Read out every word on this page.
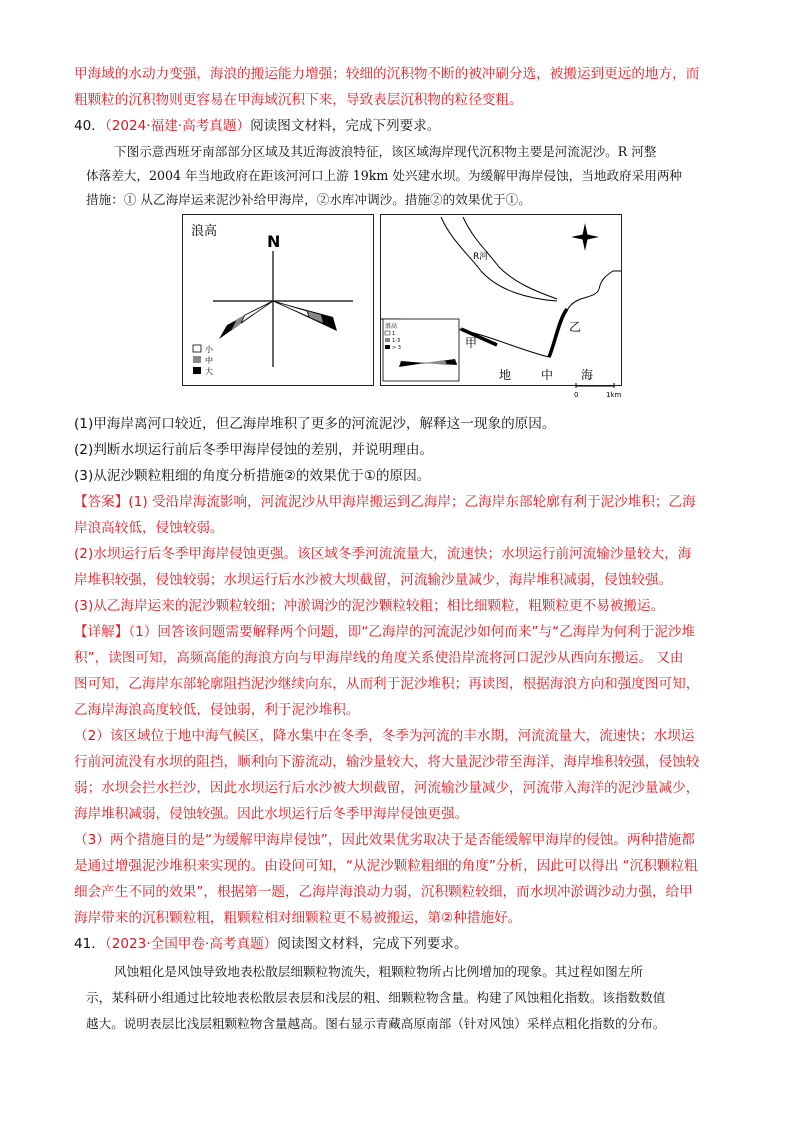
甲海域的水动力变强，海浪的搬运能力增强；较细的沉积物不断的被冲刷分选，被搬运到更远的地方，而
粗颗粒的沉积物则更容易在甲海域沉积下来，导致表层沉积物的粒径变粗。
40．（2024·福建·高考真题）阅读图文材料，完成下列要求。
下图示意西班牙南部部分区域及其近海波浪特征，该区域海岸现代沉积物主要是河流泥沙。R 河整
体落差大，2004 年当地政府在距该河河口上游 19km 处兴建水坝。为缓解甲海岸侵蚀，当地政府采用两种
措施：① 从乙海岸运来泥沙补给甲海岸，②水库冲调沙。措施②的效果优于①。
浪高
N
小
中
大
R河
乙
甲
地 中 海
浪高
1
1-3
> 3
0	1km
(1)甲海岸离河口较近，但乙海岸堆积了更多的河流泥沙，解释这一现象的原因。
(2)判断水坝运行前后冬季甲海岸侵蚀的差别，并说明理由。
(3)从泥沙颗粒粗细的角度分析措施②的效果优于①的原因。
【答案】(1) 受沿岸海流影响，河流泥沙从甲海岸搬运到乙海岸；乙海岸东部轮廓有利于泥沙堆积；乙海
岸浪高较低，侵蚀较弱。
(2)水坝运行后冬季甲海岸侵蚀更强。该区域冬季河流流量大，流速快；水坝运行前河流输沙量较大，海
岸堆积较强，侵蚀较弱；水坝运行后水沙被大坝截留，河流输沙量减少，海岸堆积减弱，侵蚀较强。
(3)从乙海岸运来的泥沙颗粒较细；冲淤调沙的泥沙颗粒较粗；相比细颗粒，粗颗粒更不易被搬运。
【详解】（1）回答该问题需要解释两个问题，即“乙海岸的河流泥沙如何而来”与“乙海岸为何利于泥沙堆
积”，读图可知，高频高能的海浪方向与甲海岸线的角度关系使沿岸流将河口泥沙从西向东搬运。 又由
图可知，乙海岸东部轮廓阻挡泥沙继续向东，从而利于泥沙堆积；再读图，根据海浪方向和强度图可知，
乙海岸海浪高度较低，侵蚀弱，利于泥沙堆积。
（2）该区域位于地中海气候区，降水集中在冬季，冬季为河流的丰水期，河流流量大，流速快；水坝运
行前河流没有水坝的阻挡，顺利向下游流动，输沙量较大，将大量泥沙带至海洋，海岸堆积较强，侵蚀较
弱；水坝会拦水拦沙，因此水坝运行后水沙被大坝截留，河流输沙量减少，河流带入海洋的泥沙量减少，
海岸堆积减弱，侵蚀较强。因此水坝运行后冬季甲海岸侵蚀更强。
（3）两个措施目的是“为缓解甲海岸侵蚀”，因此效果优劣取决于是否能缓解甲海岸的侵蚀。两种措施都
是通过增强泥沙堆积来实现的。由设问可知，“从泥沙颗粒粗细的角度”分析，因此可以得出 “沉积颗粒粗
细会产生不同的效果”，根据第一题，乙海岸海浪动力弱，沉积颗粒较细，而水坝冲淤调沙动力强，给甲
海岸带来的沉积颗粒粗，粗颗粒相对细颗粒更不易被搬运，第②种措施好。
41．（2023·全国甲卷·高考真题）阅读图文材料，完成下列要求。
风蚀粗化是风蚀导致地表松散层细颗粒物流失，粗颗粒物所占比例增加的现象。其过程如图左所
示，某科研小组通过比较地表松散层表层和浅层的粗、细颗粒物含量。构建了风蚀粗化指数。该指数数值
越大。说明表层比浅层粗颗粒物含量越高。图右显示青藏高原南部（针对风蚀）采样点粗化指数的分布。
